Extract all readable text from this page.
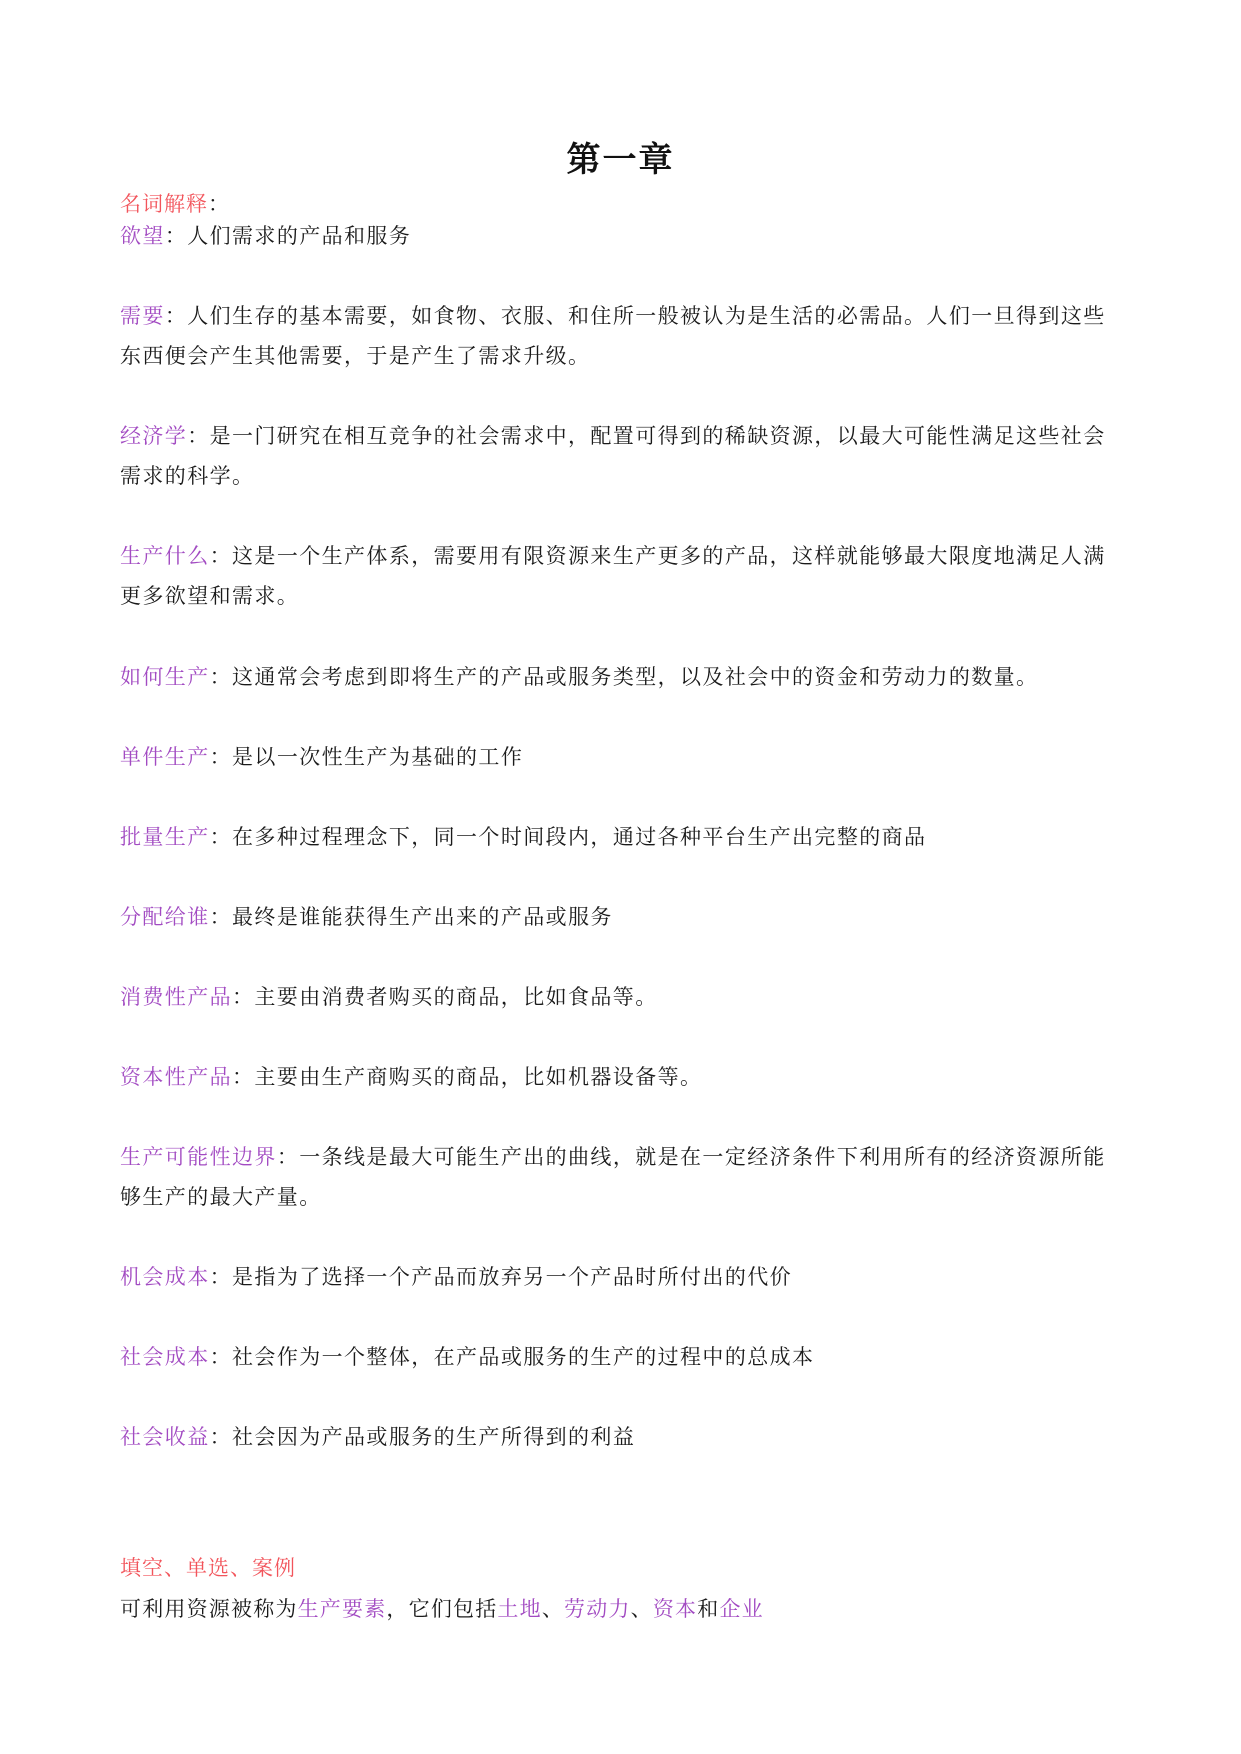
第一章
名词解释：
欲望：人们需求的产品和服务
需要：人们生存的基本需要，如食物、衣服、和住所一般被认为是生活的必需品。人们一旦得到这些东西便会产生其他需要，于是产生了需求升级。
经济学：是一门研究在相互竞争的社会需求中，配置可得到的稀缺资源，以最大可能性满足这些社会需求的科学。
生产什么：这是一个生产体系，需要用有限资源来生产更多的产品，这样就能够最大限度地满足人满更多欲望和需求。
如何生产：这通常会考虑到即将生产的产品或服务类型，以及社会中的资金和劳动力的数量。
单件生产：是以一次性生产为基础的工作
批量生产：在多种过程理念下，同一个时间段内，通过各种平台生产出完整的商品
分配给谁：最终是谁能获得生产出来的产品或服务
消费性产品：主要由消费者购买的商品，比如食品等。
资本性产品：主要由生产商购买的商品，比如机器设备等。
生产可能性边界：一条线是最大可能生产出的曲线，就是在一定经济条件下利用所有的经济资源所能够生产的最大产量。
机会成本：是指为了选择一个产品而放弃另一个产品时所付出的代价
社会成本：社会作为一个整体，在产品或服务的生产的过程中的总成本
社会收益：社会因为产品或服务的生产所得到的利益
填空、单选、案例
可利用资源被称为生产要素，它们包括土地、劳动力、资本和企业
